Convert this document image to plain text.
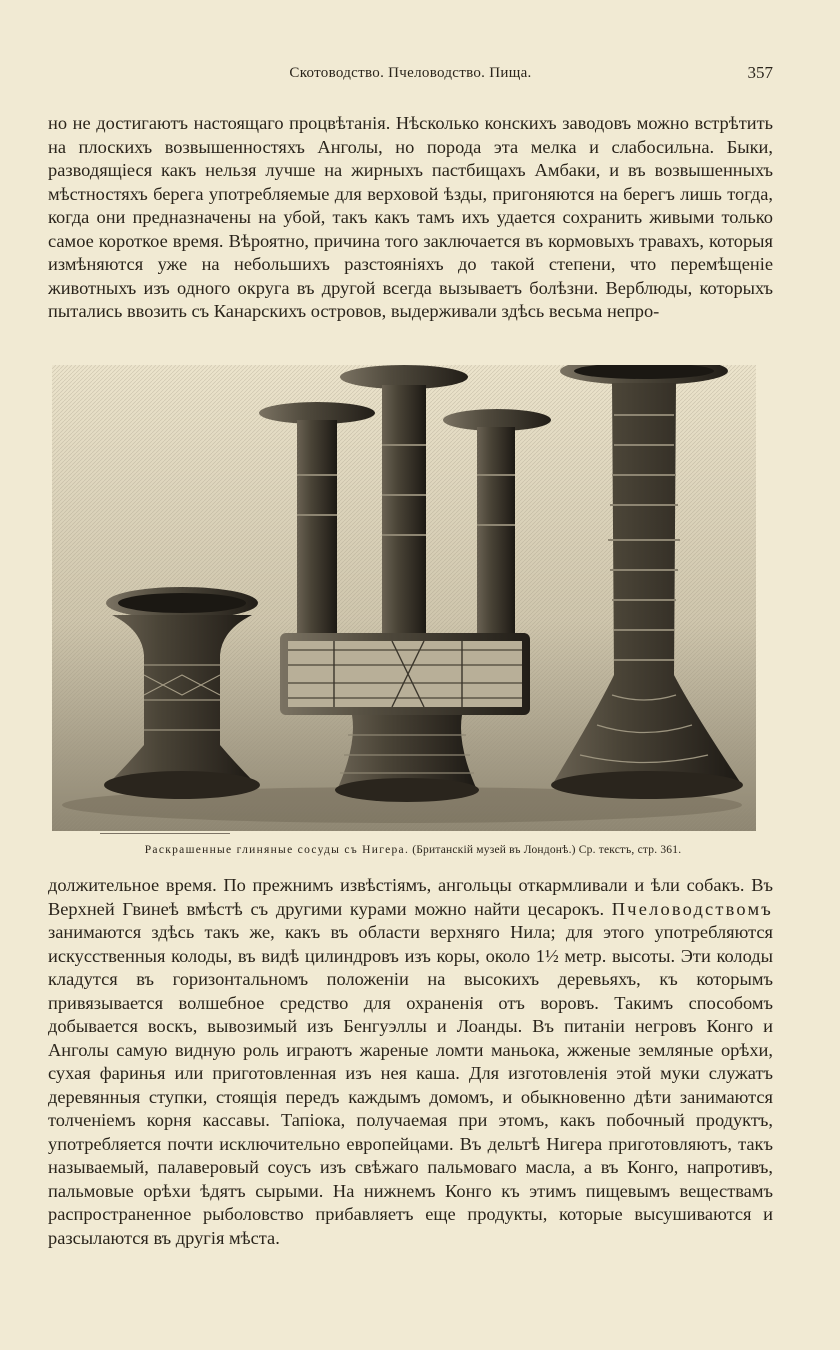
Скотоводство. Пчеловодство. Пища.	357

но не достигаютъ настоящаго процвѣтанія. Нѣсколько конскихъ заводовъ можно встрѣтить на плоскихъ возвышенностяхъ Анголы, но порода эта мелка и слабосильна. Быки, разводящіеся какъ нельзя лучше на жирныхъ пастбищахъ Амбаки, и въ возвышенныхъ мѣстностяхъ берега употребляемые для верховой ѣзды, пригоняются на берегъ лишь тогда, когда они предназначены на убой, такъ какъ тамъ ихъ удается сохранить живыми только самое короткое время. Вѣроятно, причина того заключается въ кормовыхъ травахъ, которыя измѣняются уже на небольшихъ разстояніяхъ до такой степени, что перемѣщеніе животныхъ изъ одного округа въ другой всегда вызываетъ болѣзни. Верблюды, которыхъ пытались ввозить съ Канарскихъ островов, выдерживали здѣсь весьма непро-

Раскрашенные глиняные сосуды съ Нигера. (Британскій музей въ Лондонѣ.) Ср. текстъ, стр. 361.

должительное время. По прежнимъ извѣстіямъ, ангольцы откармливали и ѣли собакъ. Въ Верхней Гвинеѣ вмѣстѣ съ другими курами можно найти цесарокъ. Пчеловодствомъ занимаются здѣсь такъ же, какъ въ области верхняго Нила; для этого употребляются искусственныя колоды, въ видѣ цилиндровъ изъ коры, около 1½ метр. высоты. Эти колоды кладутся въ горизонтальномъ положеніи на высокихъ деревьяхъ, къ которымъ привязывается волшебное средство для охраненія отъ воровъ. Такимъ способомъ добывается воскъ, вывозимый изъ Бенгуэллы и Лоанды. Въ питаніи негровъ Конго и Анголы самую видную роль играютъ жареные ломти маньока, жженые земляные орѣхи, сухая фаринья или приготовленная изъ нея каша. Для изготовленія этой муки служатъ деревянныя ступки, стоящія передъ каждымъ домомъ, и обыкновенно дѣти занимаются толченіемъ корня кассавы. Тапіока, получаемая при этомъ, какъ побочный продуктъ, употребляется почти исключительно европейцами. Въ дельтѣ Нигера приготовляютъ, такъ называемый, палаверовый соусъ изъ свѣжаго пальмоваго масла, а въ Конго, напротивъ, пальмовые орѣхи ѣдятъ сырыми. На нижнемъ Конго къ этимъ пищевымъ веществамъ распространенное рыболовство прибавляетъ еще продукты, которые высушиваются и разсылаются въ другія мѣста.
